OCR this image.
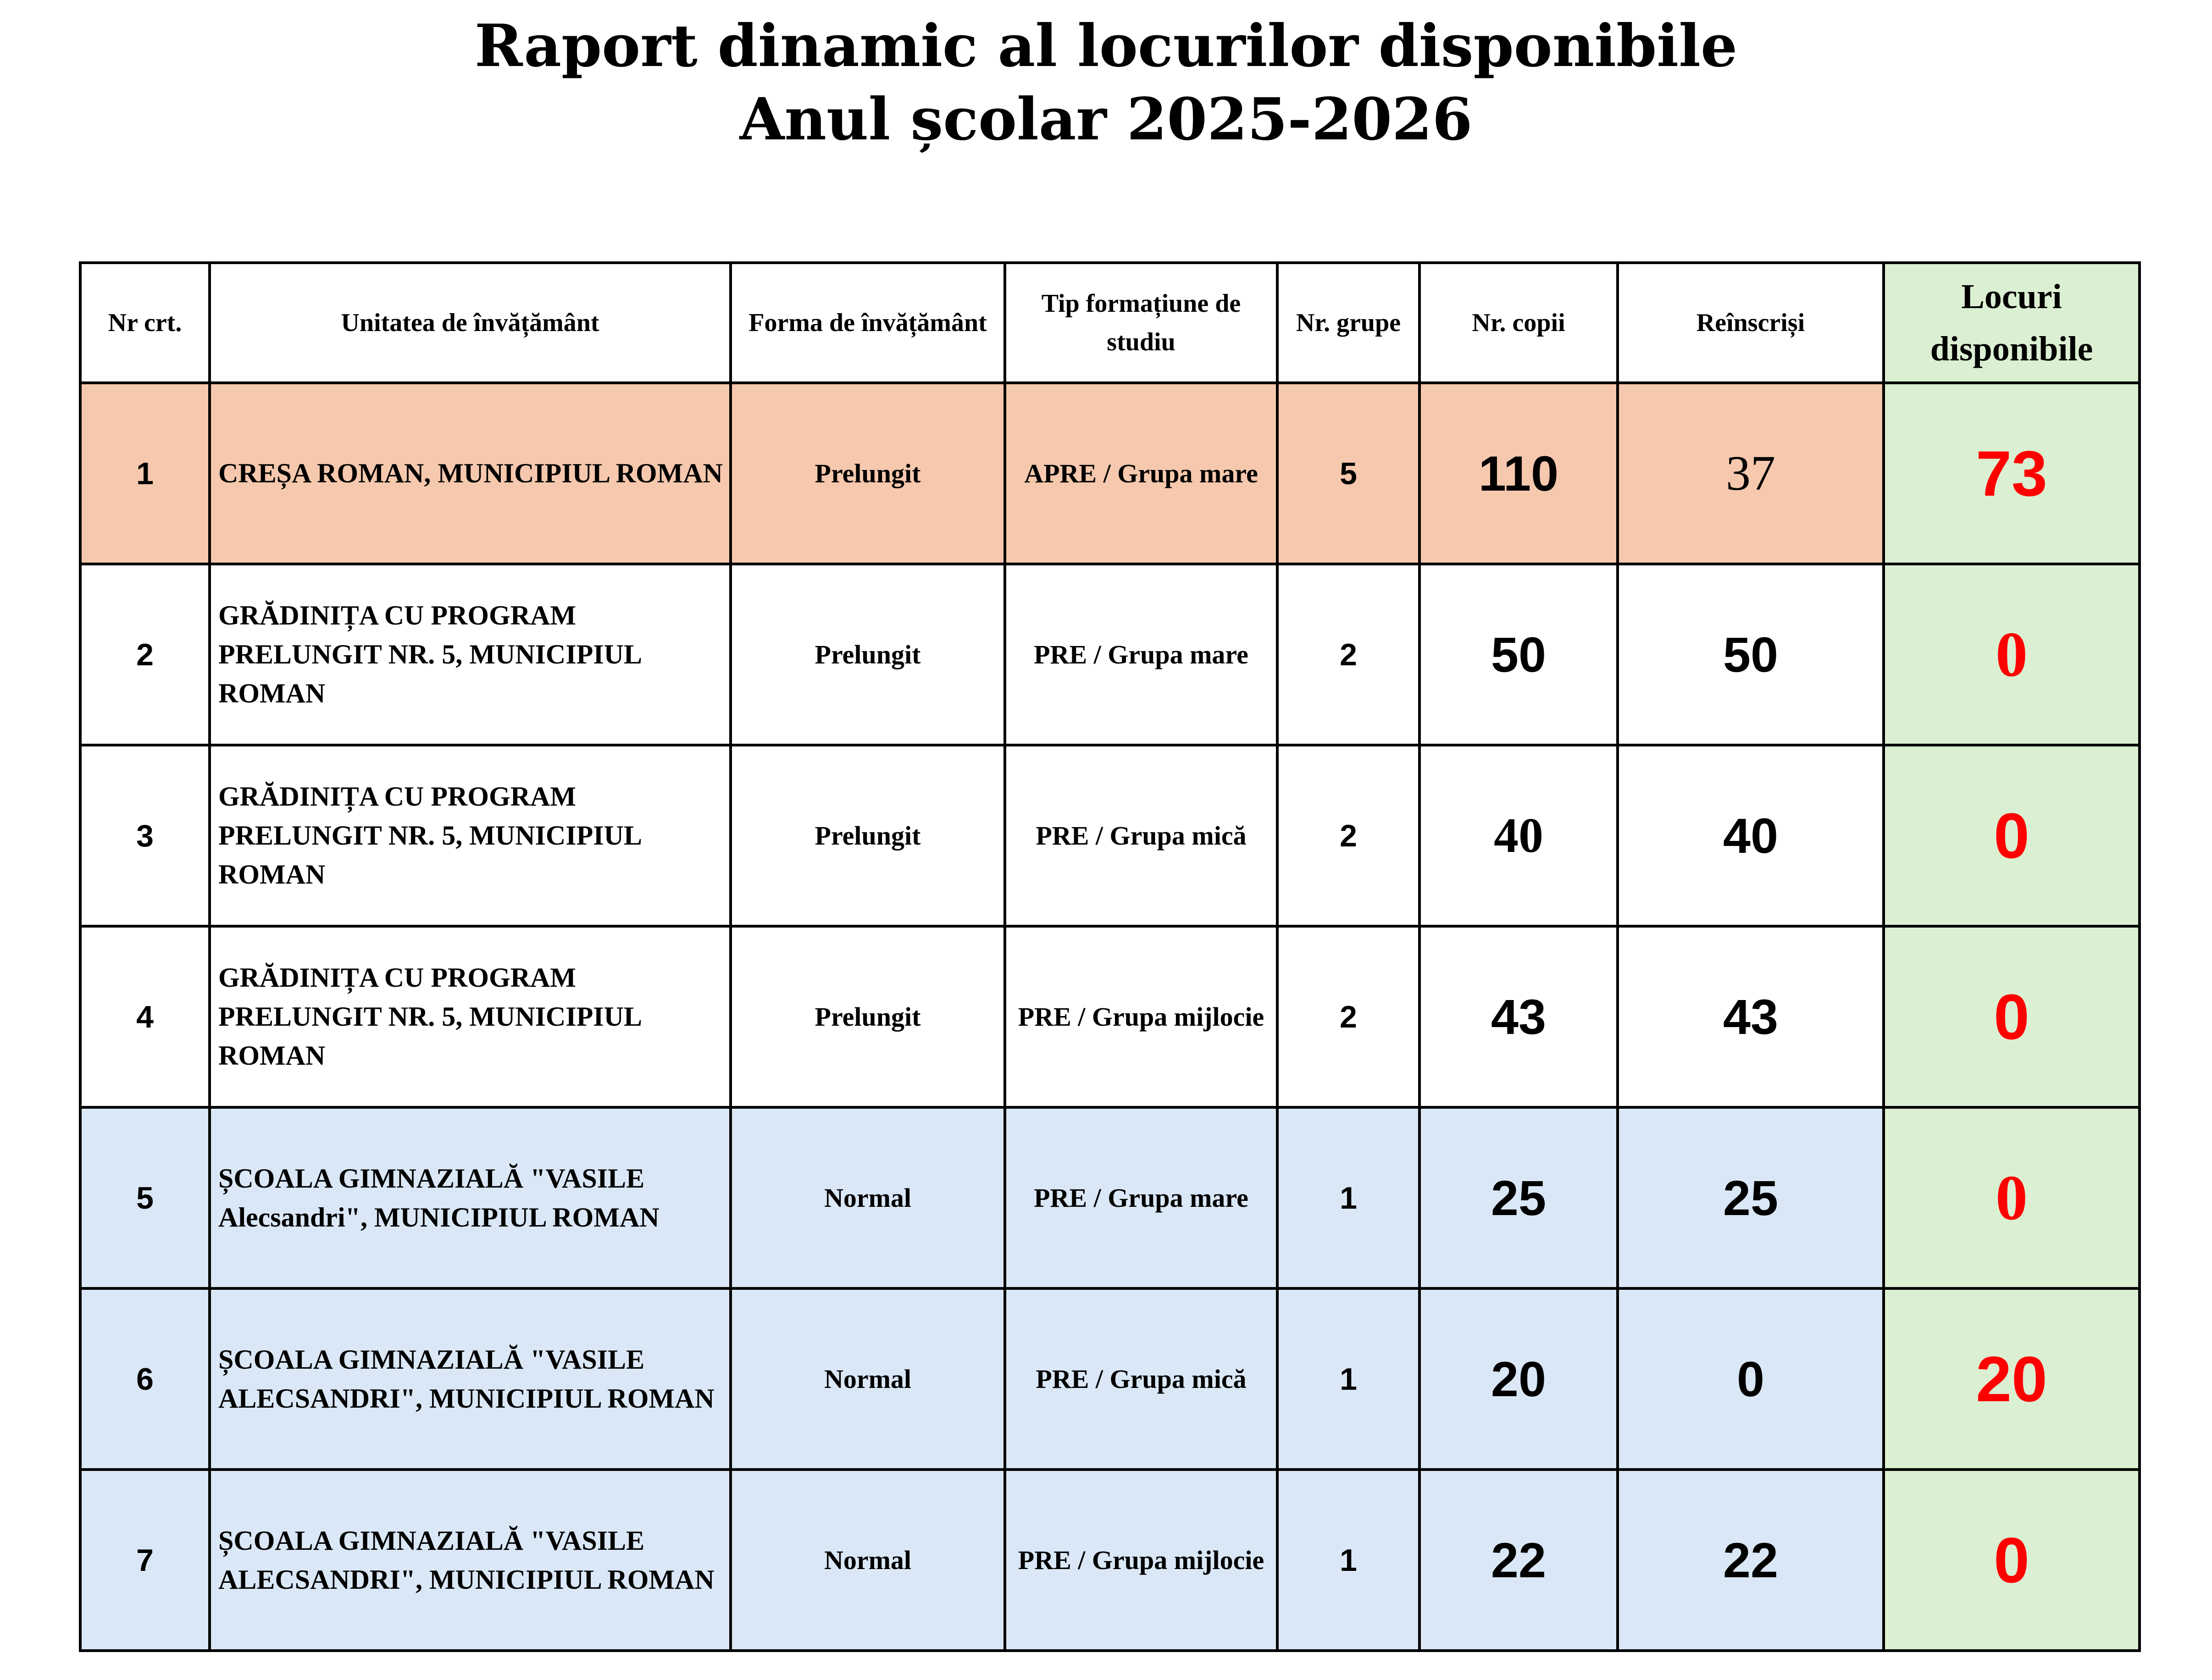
Raport dinamic al locurilor disponibile
Anul școlar 2025-2026
Nr crt.	Unitatea de învățământ	Forma de învățământ	Tip formațiune de studiu	Nr. grupe	Nr. copii	Reînscriși	Locuri disponibile
1	CREȘA ROMAN, MUNICIPIUL ROMAN	Prelungit	APRE / Grupa mare	5	110	37	73
2	GRĂDINIȚA CU PROGRAM PRELUNGIT NR. 5, MUNICIPIUL ROMAN	Prelungit	PRE / Grupa mare	2	50	50	0
3	GRĂDINIȚA CU PROGRAM PRELUNGIT NR. 5, MUNICIPIUL ROMAN	Prelungit	PRE / Grupa mică	2	40	40	0
4	GRĂDINIȚA CU PROGRAM PRELUNGIT NR. 5, MUNICIPIUL ROMAN	Prelungit	PRE / Grupa mijlocie	2	43	43	0
5	ȘCOALA GIMNAZIALĂ "VASILE Alecsandri", MUNICIPIUL ROMAN	Normal	PRE / Grupa mare	1	25	25	0
6	ȘCOALA GIMNAZIALĂ "VASILE ALECSANDRI", MUNICIPIUL ROMAN	Normal	PRE / Grupa mică	1	20	0	20
7	ȘCOALA GIMNAZIALĂ "VASILE ALECSANDRI", MUNICIPIUL ROMAN	Normal	PRE / Grupa mijlocie	1	22	22	0
